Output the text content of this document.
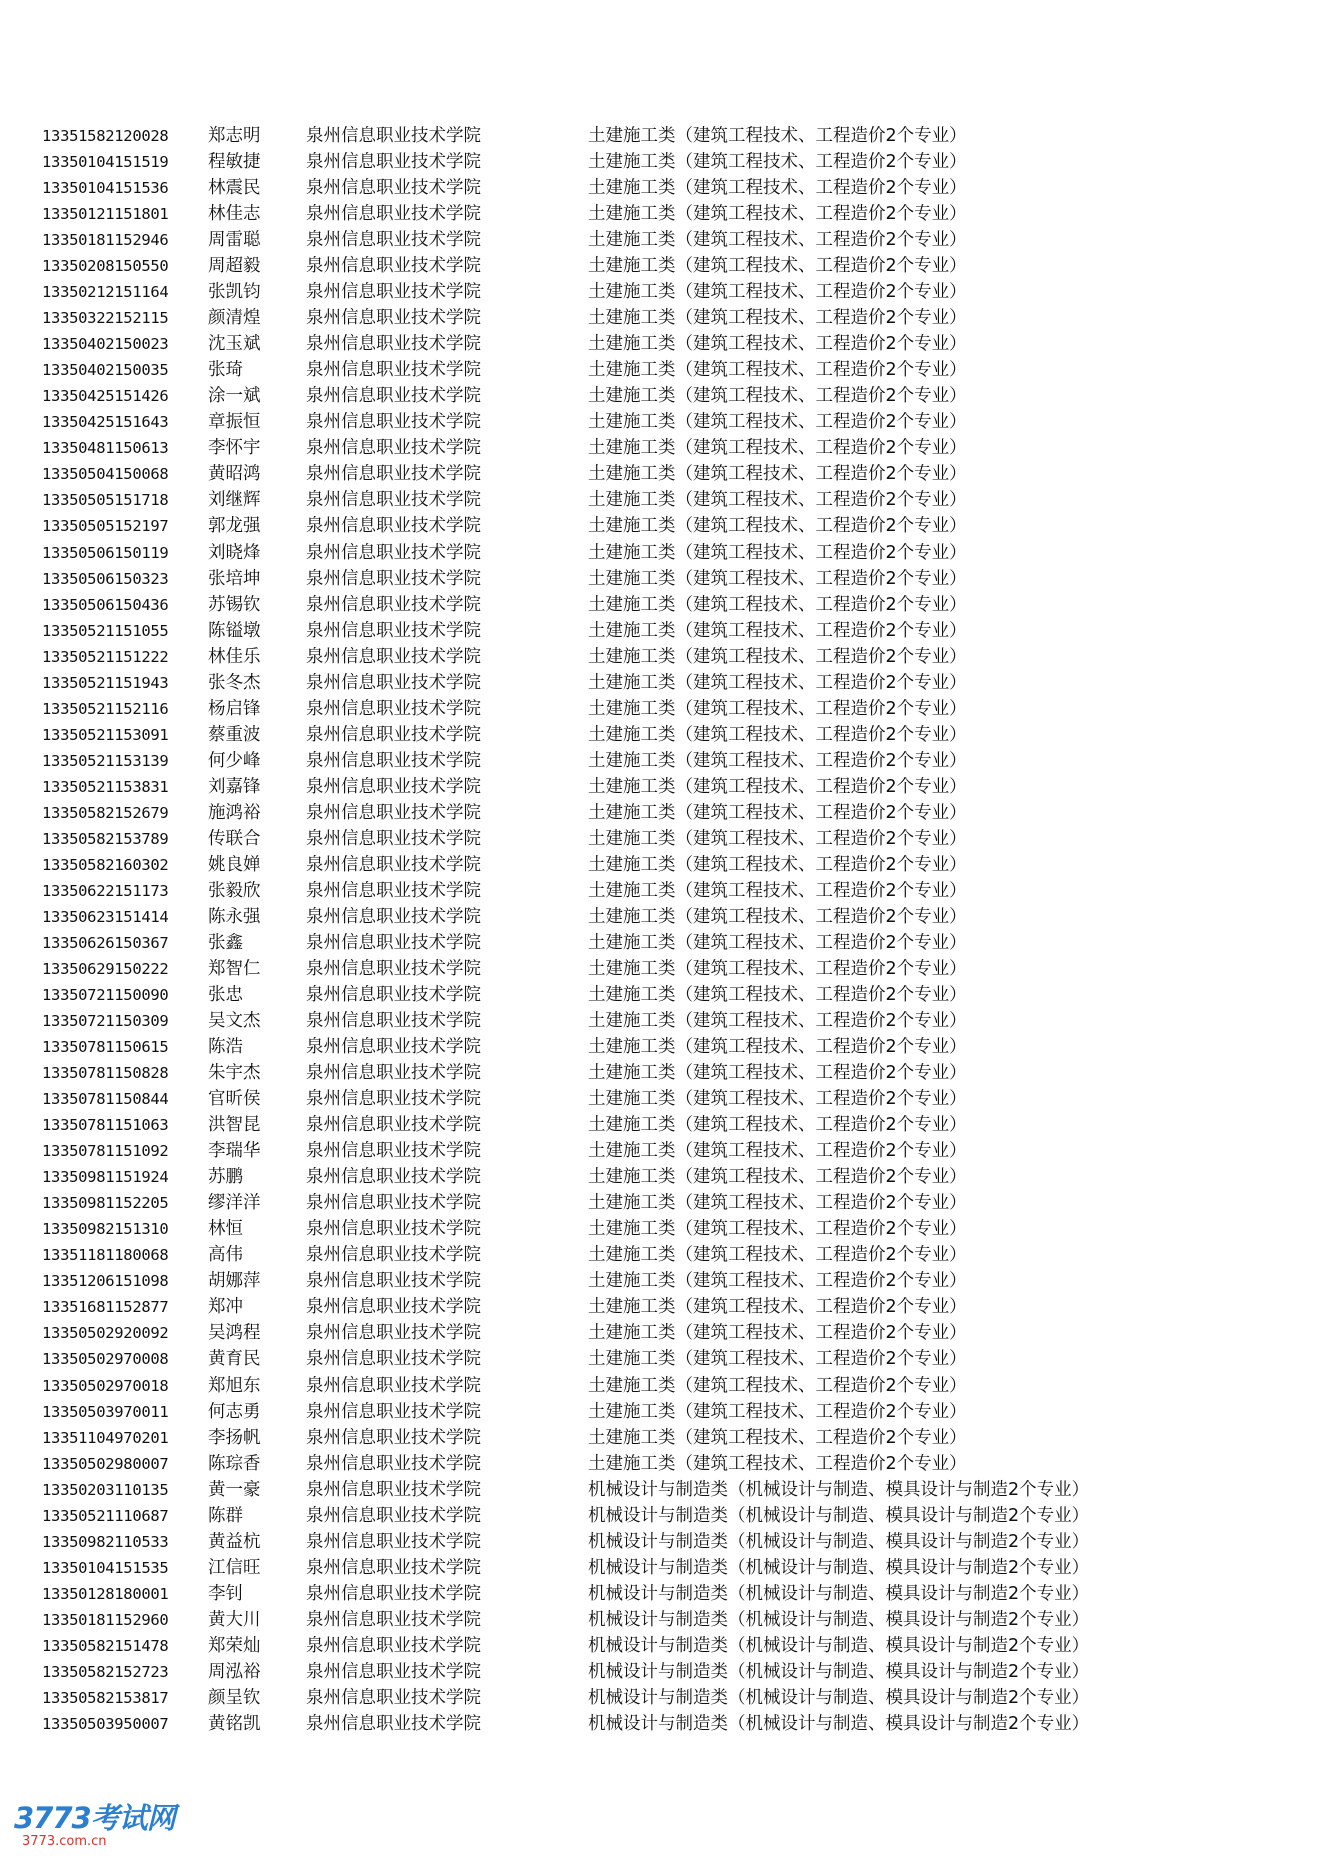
13351582120028 郑志明	泉州信息职业技术学院	土建施工类（建筑工程技术、工程造价2个专业）
13350104151519 程敏捷	泉州信息职业技术学院	土建施工类（建筑工程技术、工程造价2个专业）
13350104151536 林震民	泉州信息职业技术学院	土建施工类（建筑工程技术、工程造价2个专业）
13350121151801 林佳志	泉州信息职业技术学院	土建施工类（建筑工程技术、工程造价2个专业）
13350181152946 周雷聪	泉州信息职业技术学院	土建施工类（建筑工程技术、工程造价2个专业）
13350208150550 周超毅	泉州信息职业技术学院	土建施工类（建筑工程技术、工程造价2个专业）
13350212151164 张凯钧	泉州信息职业技术学院	土建施工类（建筑工程技术、工程造价2个专业）
13350322152115 颜清煌	泉州信息职业技术学院	土建施工类（建筑工程技术、工程造价2个专业）
13350402150023 沈玉斌	泉州信息职业技术学院	土建施工类（建筑工程技术、工程造价2个专业）
13350402150035 张琦	泉州信息职业技术学院	土建施工类（建筑工程技术、工程造价2个专业）
13350425151426 涂一斌	泉州信息职业技术学院	土建施工类（建筑工程技术、工程造价2个专业）
13350425151643 章振恒	泉州信息职业技术学院	土建施工类（建筑工程技术、工程造价2个专业）
13350481150613 李怀宇	泉州信息职业技术学院	土建施工类（建筑工程技术、工程造价2个专业）
13350504150068 黄昭鸿	泉州信息职业技术学院	土建施工类（建筑工程技术、工程造价2个专业）
13350505151718 刘继辉	泉州信息职业技术学院	土建施工类（建筑工程技术、工程造价2个专业）
13350505152197 郭龙强	泉州信息职业技术学院	土建施工类（建筑工程技术、工程造价2个专业）
13350506150119 刘晓烽	泉州信息职业技术学院	土建施工类（建筑工程技术、工程造价2个专业）
13350506150323 张培坤	泉州信息职业技术学院	土建施工类（建筑工程技术、工程造价2个专业）
13350506150436 苏锡钦	泉州信息职业技术学院	土建施工类（建筑工程技术、工程造价2个专业）
13350521151055 陈镒墩	泉州信息职业技术学院	土建施工类（建筑工程技术、工程造价2个专业）
13350521151222 林佳乐	泉州信息职业技术学院	土建施工类（建筑工程技术、工程造价2个专业）
13350521151943 张冬杰	泉州信息职业技术学院	土建施工类（建筑工程技术、工程造价2个专业）
13350521152116 杨启锋	泉州信息职业技术学院	土建施工类（建筑工程技术、工程造价2个专业）
13350521153091 蔡重波	泉州信息职业技术学院	土建施工类（建筑工程技术、工程造价2个专业）
13350521153139 何少峰	泉州信息职业技术学院	土建施工类（建筑工程技术、工程造价2个专业）
13350521153831 刘嘉锋	泉州信息职业技术学院	土建施工类（建筑工程技术、工程造价2个专业）
13350582152679 施鸿裕	泉州信息职业技术学院	土建施工类（建筑工程技术、工程造价2个专业）
13350582153789 传联合	泉州信息职业技术学院	土建施工类（建筑工程技术、工程造价2个专业）
13350582160302 姚良婵	泉州信息职业技术学院	土建施工类（建筑工程技术、工程造价2个专业）
13350622151173 张毅欣	泉州信息职业技术学院	土建施工类（建筑工程技术、工程造价2个专业）
13350623151414 陈永强	泉州信息职业技术学院	土建施工类（建筑工程技术、工程造价2个专业）
13350626150367 张鑫	泉州信息职业技术学院	土建施工类（建筑工程技术、工程造价2个专业）
13350629150222 郑智仁	泉州信息职业技术学院	土建施工类（建筑工程技术、工程造价2个专业）
13350721150090 张忠	泉州信息职业技术学院	土建施工类（建筑工程技术、工程造价2个专业）
13350721150309 吴文杰	泉州信息职业技术学院	土建施工类（建筑工程技术、工程造价2个专业）
13350781150615 陈浩	泉州信息职业技术学院	土建施工类（建筑工程技术、工程造价2个专业）
13350781150828 朱宇杰	泉州信息职业技术学院	土建施工类（建筑工程技术、工程造价2个专业）
13350781150844 官昕侯	泉州信息职业技术学院	土建施工类（建筑工程技术、工程造价2个专业）
13350781151063 洪智昆	泉州信息职业技术学院	土建施工类（建筑工程技术、工程造价2个专业）
13350781151092 李瑞华	泉州信息职业技术学院	土建施工类（建筑工程技术、工程造价2个专业）
13350981151924 苏鹏	泉州信息职业技术学院	土建施工类（建筑工程技术、工程造价2个专业）
13350981152205 缪洋洋	泉州信息职业技术学院	土建施工类（建筑工程技术、工程造价2个专业）
13350982151310 林恒	泉州信息职业技术学院	土建施工类（建筑工程技术、工程造价2个专业）
13351181180068 高伟	泉州信息职业技术学院	土建施工类（建筑工程技术、工程造价2个专业）
13351206151098 胡娜萍	泉州信息职业技术学院	土建施工类（建筑工程技术、工程造价2个专业）
13351681152877 郑冲	泉州信息职业技术学院	土建施工类（建筑工程技术、工程造价2个专业）
13350502920092 吴鸿程	泉州信息职业技术学院	土建施工类（建筑工程技术、工程造价2个专业）
13350502970008 黄育民	泉州信息职业技术学院	土建施工类（建筑工程技术、工程造价2个专业）
13350502970018 郑旭东	泉州信息职业技术学院	土建施工类（建筑工程技术、工程造价2个专业）
13350503970011 何志勇	泉州信息职业技术学院	土建施工类（建筑工程技术、工程造价2个专业）
13351104970201 李扬帆	泉州信息职业技术学院	土建施工类（建筑工程技术、工程造价2个专业）
13350502980007 陈琮香	泉州信息职业技术学院	土建施工类（建筑工程技术、工程造价2个专业）
13350203110135 黄一豪	泉州信息职业技术学院	机械设计与制造类（机械设计与制造、模具设计与制造2个专业）
13350521110687 陈群	泉州信息职业技术学院	机械设计与制造类（机械设计与制造、模具设计与制造2个专业）
13350982110533 黄益杭	泉州信息职业技术学院	机械设计与制造类（机械设计与制造、模具设计与制造2个专业）
13350104151535 江信旺	泉州信息职业技术学院	机械设计与制造类（机械设计与制造、模具设计与制造2个专业）
13350128180001 李钊	泉州信息职业技术学院	机械设计与制造类（机械设计与制造、模具设计与制造2个专业）
13350181152960 黄大川	泉州信息职业技术学院	机械设计与制造类（机械设计与制造、模具设计与制造2个专业）
13350582151478 郑荣灿	泉州信息职业技术学院	机械设计与制造类（机械设计与制造、模具设计与制造2个专业）
13350582152723 周泓裕	泉州信息职业技术学院	机械设计与制造类（机械设计与制造、模具设计与制造2个专业）
13350582153817 颜呈钦	泉州信息职业技术学院	机械设计与制造类（机械设计与制造、模具设计与制造2个专业）
13350503950007 黄铭凯	泉州信息职业技术学院	机械设计与制造类（机械设计与制造、模具设计与制造2个专业）
3773考试网
3773.com.cn
